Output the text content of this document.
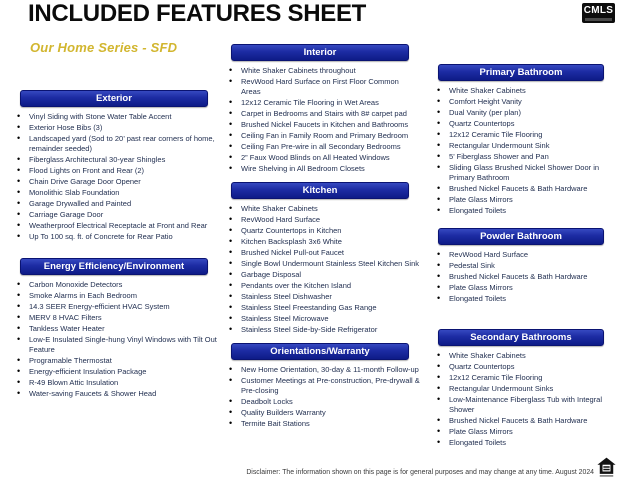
INCLUDED FEATURES SHEET
Our Home Series - SFD
CMLS
Exterior
• Vinyl Siding with Stone Water Table Accent
• Exterior Hose Bibs (3)
• Landscaped yard (Sod to 20’ past rear corners of home, remainder seeded)
• Fiberglass Architectural 30-year Shingles
• Flood Lights on Front and Rear (2)
• Chain Drive Garage Door Opener
• Monolithic Slab Foundation
• Garage Drywalled and Painted
• Carriage Garage Door
• Weatherproof Electrical Receptacle at Front and Rear
• Up To 100 sq. ft. of Concrete for Rear Patio
Energy Efficiency/Environment
• Carbon Monoxide Detectors
• Smoke Alarms in Each Bedroom
• 14.3 SEER Energy-efficient HVAC System
• MERV 8 HVAC Filters
• Tankless Water Heater
• Low-E Insulated Single-hung Vinyl Windows with Tilt Out Feature
• Programable Thermostat
• Energy-efficient Insulation Package
• R-49 Blown Attic Insulation
• Water-saving Faucets & Shower Head
Interior
• White Shaker Cabinets throughout
• RevWood Hard Surface on First Floor Common Areas
• 12x12 Ceramic Tile Flooring in Wet Areas
• Carpet in Bedrooms and Stairs with 8# carpet pad
• Brushed Nickel Faucets in Kitchen and Bathrooms
• Ceiling Fan in Family Room and Primary Bedroom
• Ceiling Fan Pre-wire in all Secondary Bedrooms
• 2” Faux Wood Blinds on All Heated Windows
• Wire Shelving in All Bedroom Closets
Kitchen
• White Shaker Cabinets
• RevWood Hard Surface
• Quartz Countertops in Kitchen
• Kitchen Backsplash 3x6 White
• Brushed Nickel Pull-out Faucet
• Single Bowl Undermount Stainless Steel Kitchen Sink
• Garbage Disposal
• Pendants over the Kitchen Island
• Stainless Steel Dishwasher
• Stainless Steel Freestanding Gas Range
• Stainless Steel Microwave
• Stainless Steel Side-by-Side Refrigerator
Orientations/Warranty
• New Home Orientation, 30-day & 11-month Follow-up
• Customer Meetings at Pre-construction, Pre-drywall & Pre-closing
• Deadbolt Locks
• Quality Builders Warranty
• Termite Bait Stations
Primary Bathroom
• White Shaker Cabinets
• Comfort Height Vanity
• Dual Vanity (per plan)
• Quartz Countertops
• 12x12 Ceramic Tile Flooring
• Rectangular Undermount Sink
• 5’ Fiberglass Shower and Pan
• Sliding Glass Brushed Nickel Shower Door in Primary Bathroom
• Brushed Nickel Faucets & Bath Hardware
• Plate Glass Mirrors
• Elongated Toilets
Powder Bathroom
• RevWood Hard Surface
• Pedestal Sink
• Brushed Nickel Faucets & Bath Hardware
• Plate Glass Mirrors
• Elongated Toilets
Secondary Bathrooms
• White Shaker Cabinets
• Quartz Countertops
• 12x12 Ceramic Tile Flooring
• Rectangular Undermount Sinks
• Low-Maintenance Fiberglass Tub with Integral Shower
• Brushed Nickel Faucets & Bath Hardware
• Plate Glass Mirrors
• Elongated Toilets
Disclaimer: The information shown on this page is for general purposes and may change at any time. August 2024
